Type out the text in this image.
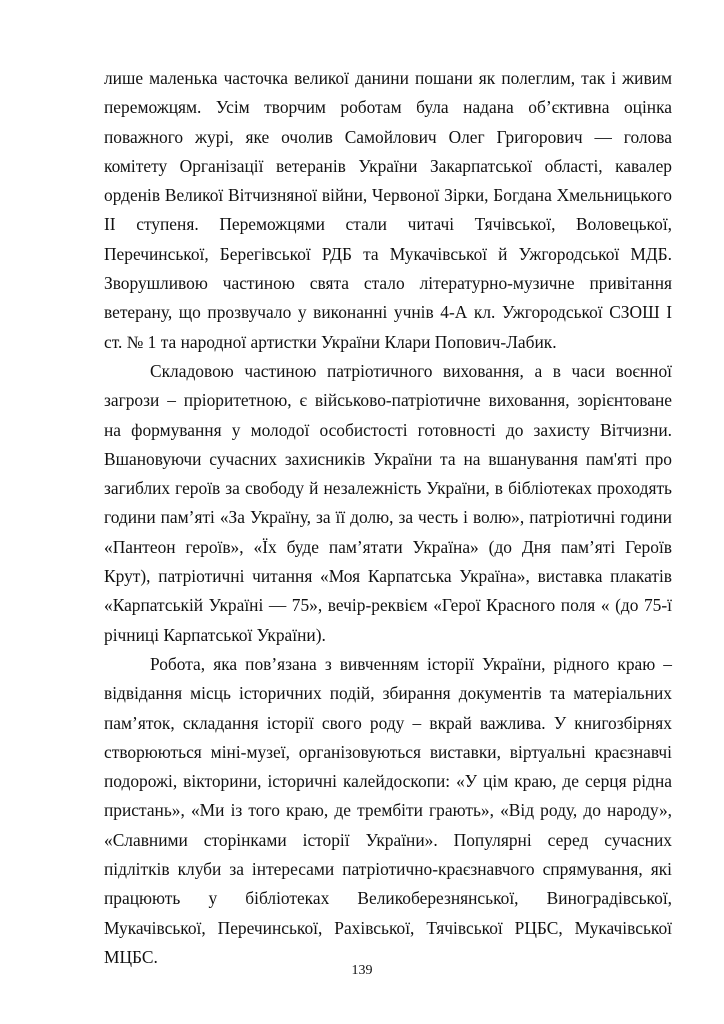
лише маленька часточка великої данини пошани як полеглим, так і живим переможцям. Усім творчим роботам була надана об’єктивна оцінка поважного журі, яке очолив Самойлович Олег Григорович — голова комітету Організації ветеранів України Закарпатської області, кавалер орденів Великої Вітчизняної війни, Червоної Зірки, Богдана Хмельницького ІІ ступеня. Переможцями стали читачі Тячівської, Воловецької, Перечинської, Берегівської РДБ та Мукачівської й Ужгородської МДБ. Зворушливою частиною свята стало літературно-музичне привітання ветерану, що прозвучало у виконанні учнів 4-А кл. Ужгородської СЗОШ І ст. № 1 та народної артистки України Клари Попович-Лабик.

Складовою частиною патріотичного виховання, а в часи воєнної загрози – пріоритетною, є військово-патріотичне виховання, зорієнтоване на формування у молодої особистості готовності до захисту Вітчизни. Вшановуючи сучасних захисників України та на вшанування пам'яті про загиблих героїв за свободу й незалежність України, в бібліотеках проходять години пам’яті «За Україну, за її долю, за честь і волю», патріотичні години «Пантеон героїв», «Їх буде пам’ятати Україна» (до Дня пам’яті Героїв Крут), патріотичні читання «Моя Карпатська Україна», виставка плакатів «Карпатській Україні — 75», вечір-реквієм «Герої Красного поля « (до 75-ї річниці Карпатської України).

Робота, яка пов’язана з вивченням історії України, рідного краю – відвідання місць історичних подій, збирання документів та матеріальних пам’яток, складання історії свого роду – вкрай важлива. У книгозбірнях створюються міні-музеї, організовуються виставки, віртуальні краєзнавчі подорожі, вікторини, історичні калейдоскопи: «У цім краю, де серця рідна пристань», «Ми із того краю, де трембіти грають», «Від роду, до народу», «Славними сторінками історії України». Популярні серед сучасних підлітків клуби за інтересами патріотично-краєзнавчого спрямування, які працюють у бібліотеках Великоберезнянської, Виноградівської, Мукачівської, Перечинської, Рахівської, Тячівської РЦБС, Мукачівської МЦБС.

139
